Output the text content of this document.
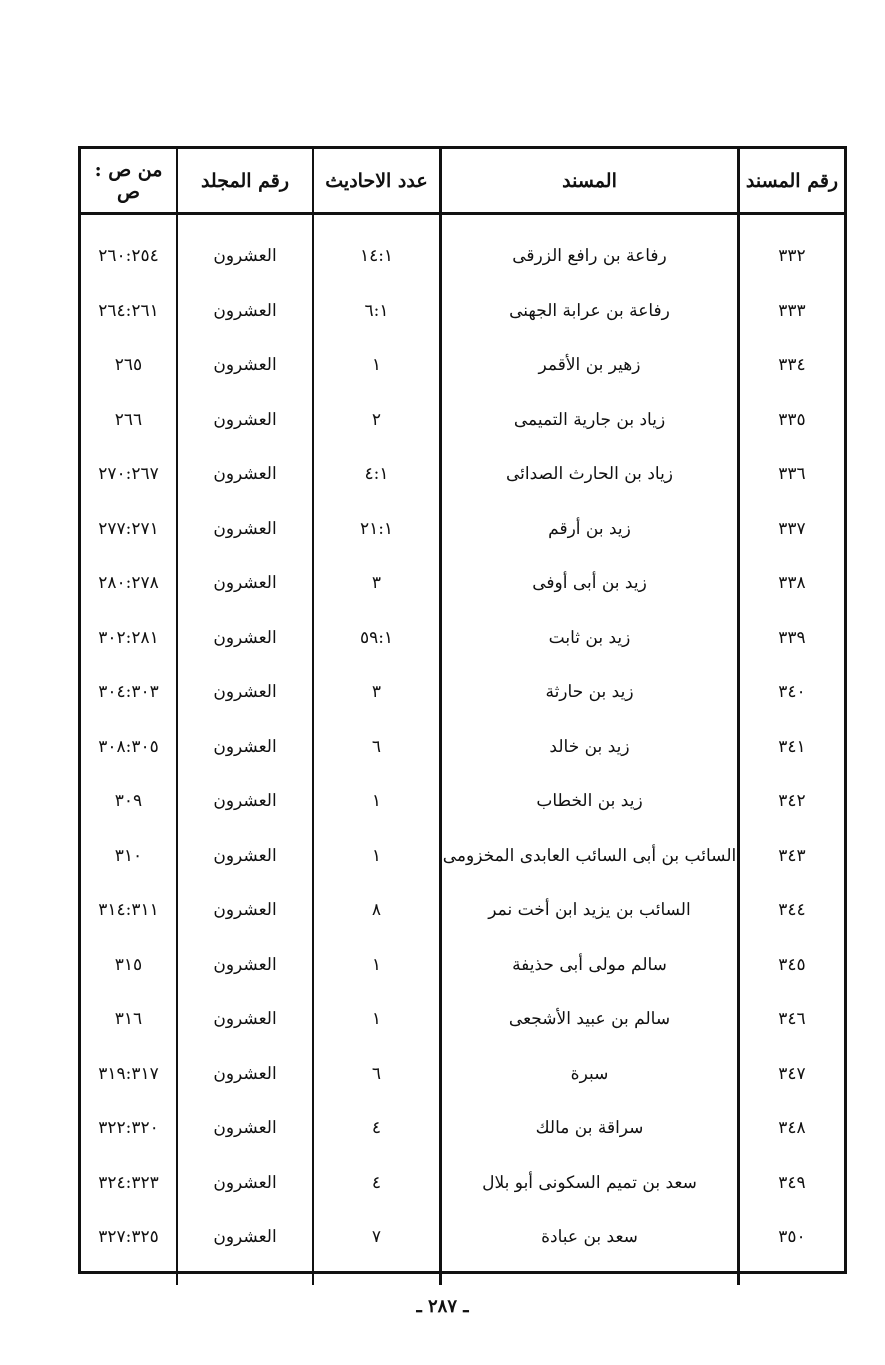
رقم المسند	المسند	عدد الاحاديث	رقم المجلد	من ص : ص

٣٣٢	رفاعة بن رافع الزرقى	١٤:١	العشرون	٢٦٠:٢٥٤
٣٣٣	رفاعة بن عرابة الجهنى	٦:١	العشرون	٢٦٤:٢٦١
٣٣٤	زهير بن الأقمر	١	العشرون	٢٦٥
٣٣٥	زياد بن جارية التميمى	٢	العشرون	٢٦٦
٣٣٦	زياد بن الحارث الصدائى	٤:١	العشرون	٢٧٠:٢٦٧
٣٣٧	زيد بن أرقم	٢١:١	العشرون	٢٧٧:٢٧١
٣٣٨	زيد بن أبى أوفى	٣	العشرون	٢٨٠:٢٧٨
٣٣٩	زيد بن ثابت	٥٩:١	العشرون	٣٠٢:٢٨١
٣٤٠	زيد بن حارثة	٣	العشرون	٣٠٤:٣٠٣
٣٤١	زيد بن خالد	٦	العشرون	٣٠٨:٣٠٥
٣٤٢	زيد بن الخطاب	١	العشرون	٣٠٩
٣٤٣	السائب بن أبى السائب العابدى المخزومى	١	العشرون	٣١٠
٣٤٤	السائب بن يزيد ابن أخت نمر	٨	العشرون	٣١٤:٣١١
٣٤٥	سالم مولى أبى حذيفة	١	العشرون	٣١٥
٣٤٦	سالم بن عبيد الأشجعى	١	العشرون	٣١٦
٣٤٧	سبرة	٦	العشرون	٣١٩:٣١٧
٣٤٨	سراقة بن مالك	٤	العشرون	٣٢٢:٣٢٠
٣٤٩	سعد بن تميم السكونى أبو بلال	٤	العشرون	٣٢٤:٣٢٣
٣٥٠	سعد بن عبادة	٧	العشرون	٣٢٧:٣٢٥

ـ ٢٨٧ ـ
